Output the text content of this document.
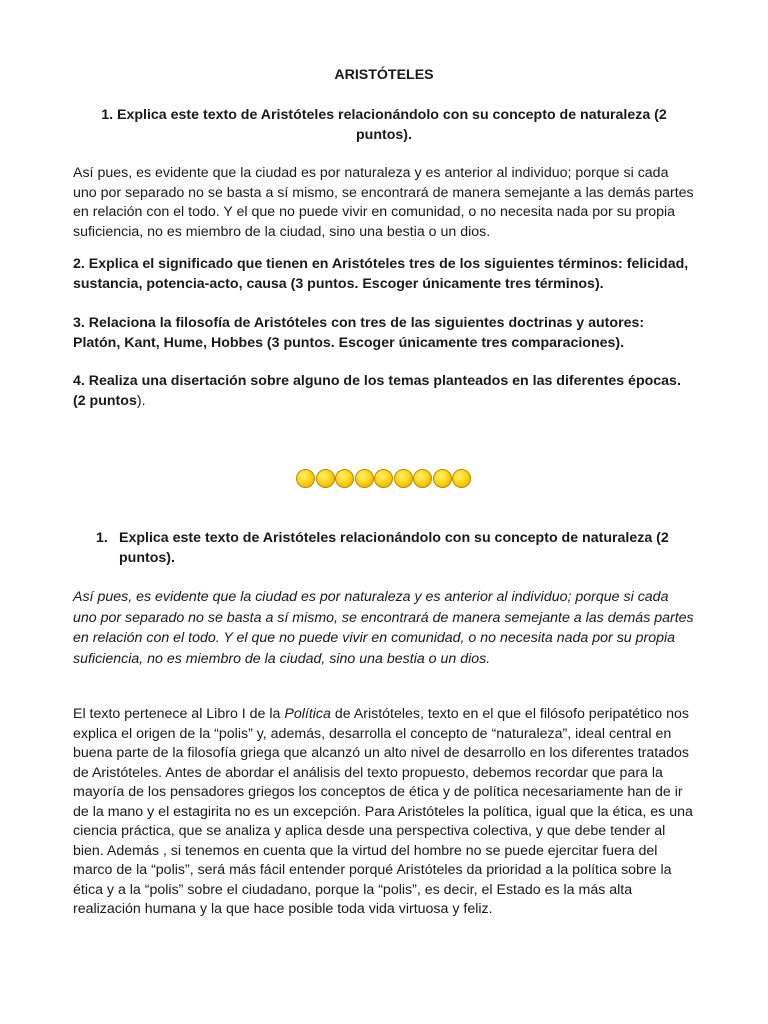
ARISTÓTELES
1. Explica este texto de Aristóteles relacionándolo con su concepto de naturaleza (2 puntos).
Así pues, es evidente que la ciudad es por naturaleza y es anterior al individuo; porque si cada uno por separado no se basta a sí mismo, se encontrará de manera semejante a las demás partes en relación con el todo. Y el que no puede vivir en comunidad, o no necesita nada por su propia suficiencia, no es miembro de la ciudad, sino una bestia o un dios.
2. Explica el significado que tienen en Aristóteles tres de los siguientes términos: felicidad, sustancia, potencia-acto, causa (3 puntos. Escoger únicamente tres términos).
3. Relaciona la filosofía de Aristóteles con tres de las siguientes doctrinas y autores: Platón, Kant, Hume, Hobbes (3 puntos. Escoger únicamente tres comparaciones).
4. Realiza una disertación sobre alguno de los temas planteados en las diferentes épocas. (2 puntos).
Así pues, es evidente que la ciudad es por naturaleza y es anterior al individuo; porque si cada uno por separado no se basta a sí mismo, se encontrará de manera semejante a las demás partes en relación con el todo. Y el que no puede vivir en comunidad, o no necesita nada por su propia suficiencia, no es miembro de la ciudad, sino una bestia o un dios.
El texto pertenece al Libro I de la Política de Aristóteles, texto en el que el filósofo peripatético nos explica el origen de la “polis” y, además, desarrolla el concepto de “naturaleza”, ideal central en buena parte de la filosofía griega que alcanzó un alto nivel de desarrollo en los diferentes tratados de Aristóteles. Antes de abordar el análisis del texto propuesto, debemos recordar que para la mayoría de los pensadores griegos los conceptos de ética y de política necesariamente han de ir de la mano y el estagirita no es un excepción. Para Aristóteles la política, igual que la ética, es una ciencia práctica, que se analiza y aplica desde una perspectiva colectiva, y que debe tender al bien. Además , si tenemos en cuenta que la virtud del hombre no se puede ejercitar fuera del marco de la “polis”, será más fácil entender porqué Aristóteles da prioridad a la política sobre la ética y a la “polis” sobre el ciudadano, porque la “polis”, es decir, el Estado es la más alta realización humana y la que hace posible toda vida virtuosa y feliz.
1. Explica este texto de Aristóteles relacionándolo con su concepto de naturaleza (2 puntos).
